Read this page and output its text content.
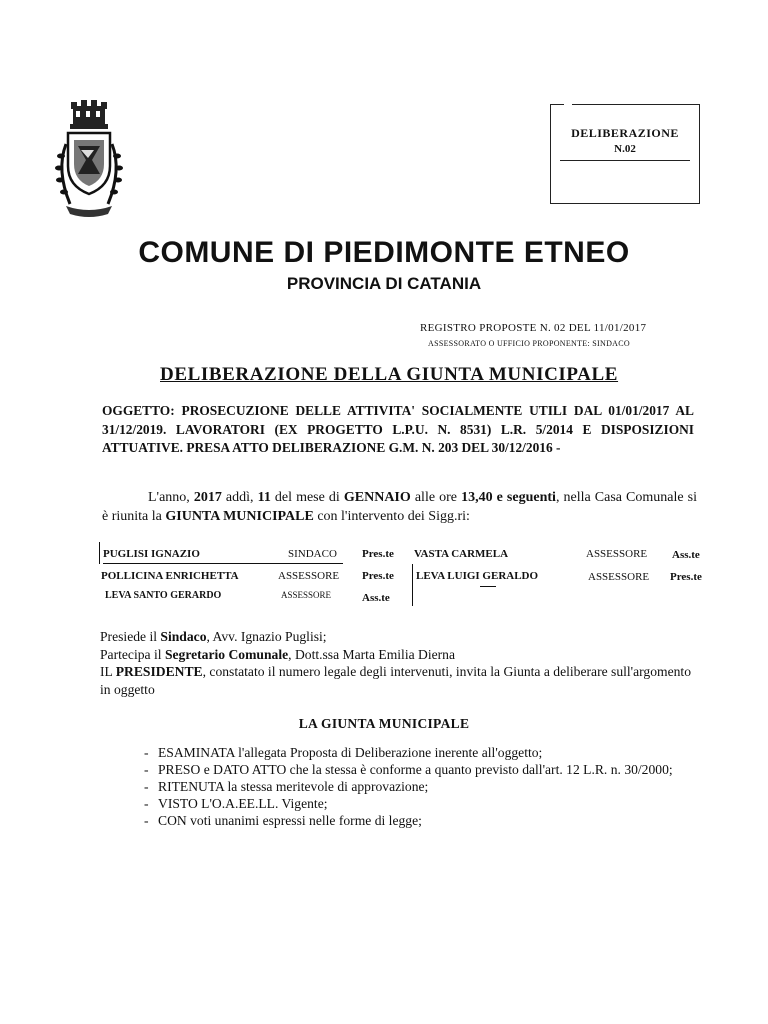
DELIBERAZIONE
N.02
COMUNE DI PIEDIMONTE ETNEO
PROVINCIA DI CATANIA
REGISTRO PROPOSTE N. 02 DEL 11/01/2017
ASSESSORATO O UFFICIO PROPONENTE: SINDACO
DELIBERAZIONE DELLA GIUNTA MUNICIPALE
OGGETTO: PROSECUZIONE DELLE ATTIVITA' SOCIALMENTE UTILI DAL 01/01/2017 AL 31/12/2019. LAVORATORI (EX PROGETTO L.P.U. N. 8531) L.R. 5/2014 E DISPOSIZIONI ATTUATIVE. PRESA ATTO DELIBERAZIONE G.M. N. 203 DEL 30/12/2016 -
L'anno, 2017 addì, 11 del mese di GENNAIO alle ore 13,40 e seguenti, nella Casa Comunale si è riunita la GIUNTA MUNICIPALE con l'intervento dei Sigg.ri:
PUGLISI IGNAZIO	SINDACO Pres.te
POLLICINA ENRICHETTA	ASSESSORE Pres.te
LEVA SANTO GERARDO	ASSESSORE	Ass.te
VASTA CARMELA	ASSESSORE Ass.te
LEVA LUIGI GERALDO	ASSESSORE Pres.te
Presiede il Sindaco, Avv. Ignazio Puglisi;
Partecipa il Segretario Comunale, Dott.ssa Marta Emilia Dierna
IL PRESIDENTE, constatato il numero legale degli intervenuti, invita la Giunta a deliberare sull'argomento in oggetto
LA GIUNTA MUNICIPALE
- ESAMINATA l'allegata Proposta di Deliberazione inerente all'oggetto;
- PRESO e DATO ATTO che la stessa è conforme a quanto previsto dall'art. 12 L.R. n. 30/2000;
- RITENUTA la stessa meritevole di approvazione;
- VISTO L'O.A.EE.LL. Vigente;
- CON voti unanimi espressi nelle forme di legge;
